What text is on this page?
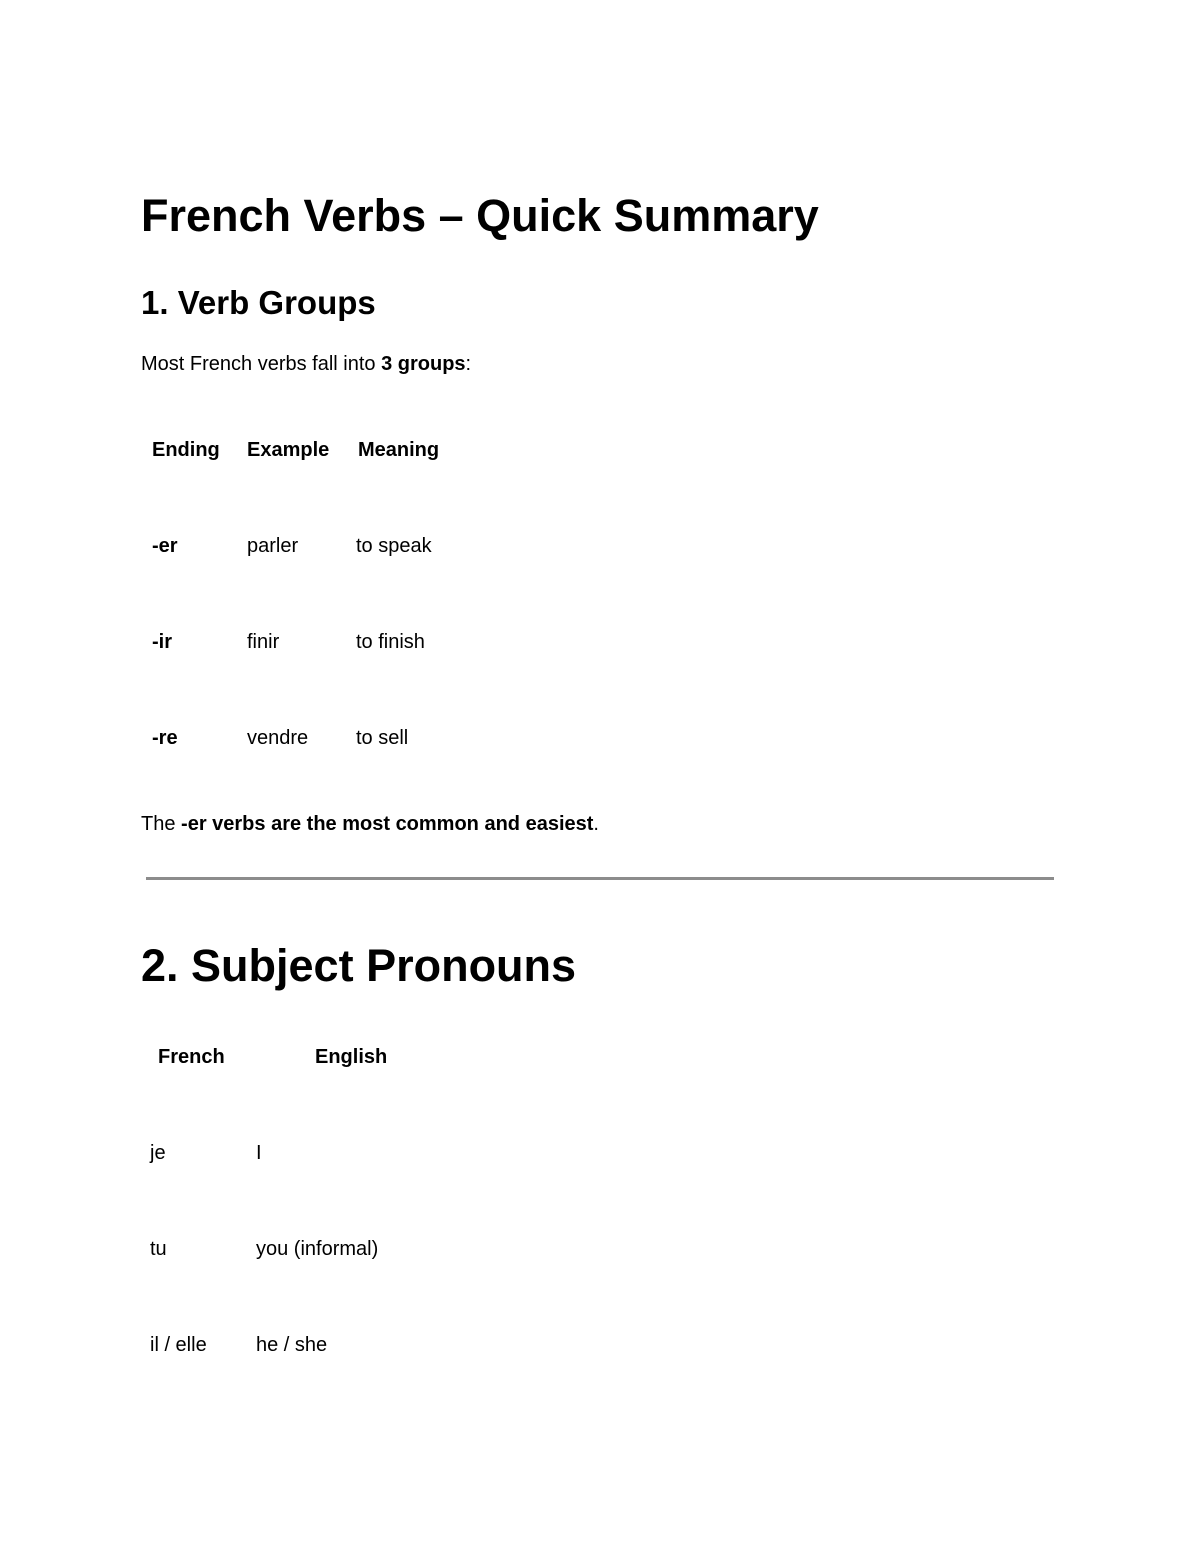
French Verbs – Quick Summary
1. Verb Groups
Most French verbs fall into 3 groups:
Ending Example Meaning
-er	parler	to speak
-ir	finir	to finish
-re	vendre to sell
The -er verbs are the most common and easiest.
2. Subject Pronouns
French	English
je	I
tu	you (informal)
il / elle he / she
